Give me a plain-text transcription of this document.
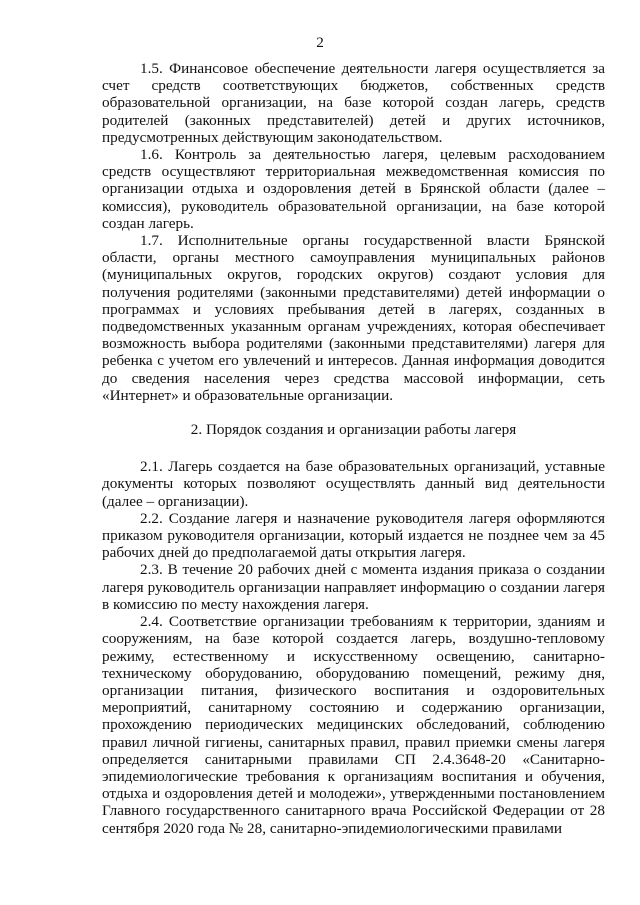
2

1.5. Финансовое обеспечение деятельности лагеря осуществляется за счет средств соответствующих бюджетов, собственных средств образовательной организации, на базе которой создан лагерь, средств родителей (законных представителей) детей и других источников, предусмотренных действующим законодательством.

1.6. Контроль за деятельностью лагеря, целевым расходованием средств осуществляют территориальная межведомственная комиссия по организации отдыха и оздоровления детей в Брянской области (далее – комиссия), руководитель образовательной организации, на базе которой создан лагерь.

1.7. Исполнительные органы государственной власти Брянской области, органы местного самоуправления муниципальных районов (муниципальных округов, городских округов) создают условия для получения родителями (законными представителями) детей информации о программах и условиях пребывания детей в лагерях, созданных в подведомственных указанным органам учреждениях, которая обеспечивает возможность выбора родителями (законными представителями) лагеря для ребенка с учетом его увлечений и интересов. Данная информация доводится до сведения населения через средства массовой информации, сеть «Интернет» и образовательные организации.

2. Порядок создания и организации работы лагеря

2.1. Лагерь создается на базе образовательных организаций, уставные документы которых позволяют осуществлять данный вид деятельности (далее – организации).

2.2. Создание лагеря и назначение руководителя лагеря оформляются приказом руководителя организации, который издается не позднее чем за 45 рабочих дней до предполагаемой даты открытия лагеря.

2.3. В течение 20 рабочих дней с момента издания приказа о создании лагеря руководитель организации направляет информацию о создании лагеря в комиссию по месту нахождения лагеря.

2.4. Соответствие организации требованиям к территории, зданиям и сооружениям, на базе которой создается лагерь, воздушно-тепловому режиму, естественному и искусственному освещению, санитарно-техническому оборудованию, оборудованию помещений, режиму дня, организации питания, физического воспитания и оздоровительных мероприятий, санитарному состоянию и содержанию организации, прохождению периодических медицинских обследований, соблюдению правил личной гигиены, санитарных правил, правил приемки смены лагеря определяется санитарными правилами СП 2.4.3648-20 «Санитарно-эпидемиологические требования к организациям воспитания и обучения, отдыха и оздоровления детей и молодежи», утвержденными постановлением Главного государственного санитарного врача Российской Федерации от 28 сентября 2020 года № 28, санитарно-эпидемиологическими правилами
